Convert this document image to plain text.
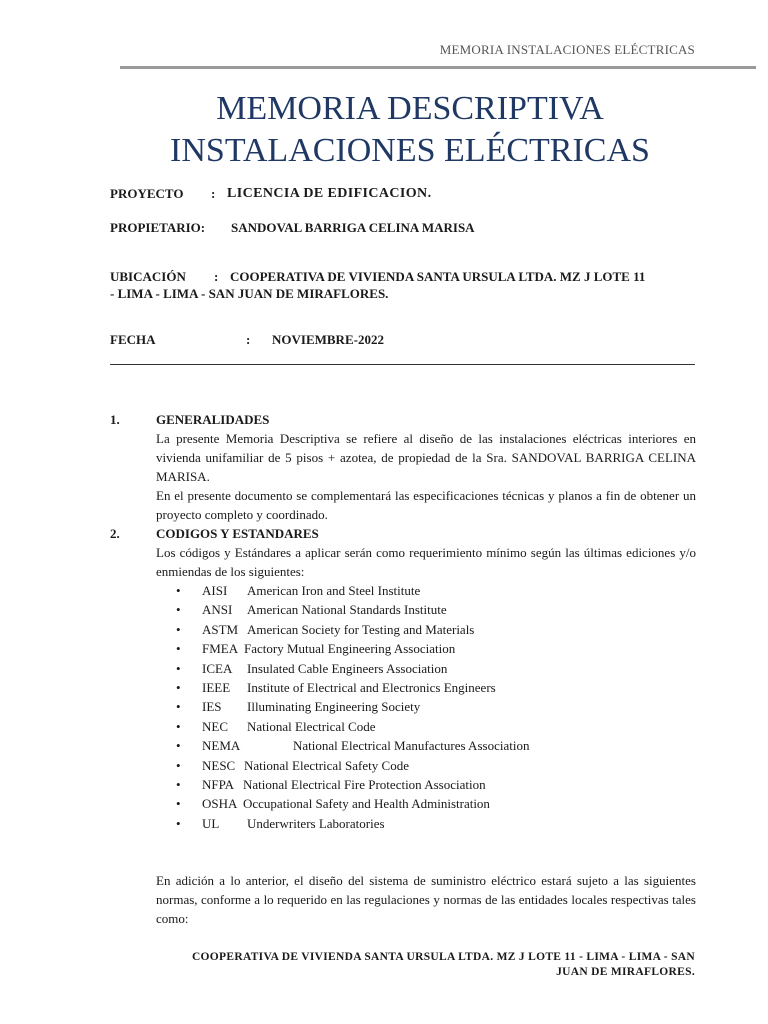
MEMORIA INSTALACIONES ELÉCTRICAS
MEMORIA DESCRIPTIVA
INSTALACIONES ELÉCTRICAS
PROYECTO : LICENCIA DE EDIFICACION.
PROPIETARIO: SANDOVAL BARRIGA CELINA MARISA
UBICACIÓN : COOPERATIVA DE VIVIENDA SANTA URSULA LTDA. MZ J LOTE 11
- LIMA - LIMA - SAN JUAN DE MIRAFLORES.
FECHA	: NOVIEMBRE-2022
1.	GENERALIDADES
La presente Memoria Descriptiva se refiere al diseño de las instalaciones eléctricas interiores en vivienda unifamiliar de 5 pisos + azotea, de propiedad de la Sra. SANDOVAL BARRIGA CELINA MARISA.
En el presente documento se complementará las especificaciones técnicas y planos a fin de obtener un proyecto completo y coordinado.
2.	CODIGOS Y ESTANDARES
Los códigos y Estándares a aplicar serán como requerimiento mínimo según las últimas ediciones y/o enmiendas de los siguientes:
• AISI American Iron and Steel Institute
• ANSI American National Standards Institute
• ASTM American Society for Testing and Materials
• FMEA Factory Mutual Engineering Association
• ICEA Insulated Cable Engineers Association
• IEEE Institute of Electrical and Electronics Engineers
• IES Illuminating Engineering Society
• NEC National Electrical Code
• NEMA	National Electrical Manufactures Association
• NESC National Electrical Safety Code
• NFPA National Electrical Fire Protection Association
• OSHA Occupational Safety and Health Administration
• UL Underwriters Laboratories
En adición a lo anterior, el diseño del sistema de suministro eléctrico estará sujeto a las siguientes normas, conforme a lo requerido en las regulaciones y normas de las entidades locales respectivas tales como:
COOPERATIVA DE VIVIENDA SANTA URSULA LTDA. MZ J LOTE 11 - LIMA - LIMA - SAN
JUAN DE MIRAFLORES.
